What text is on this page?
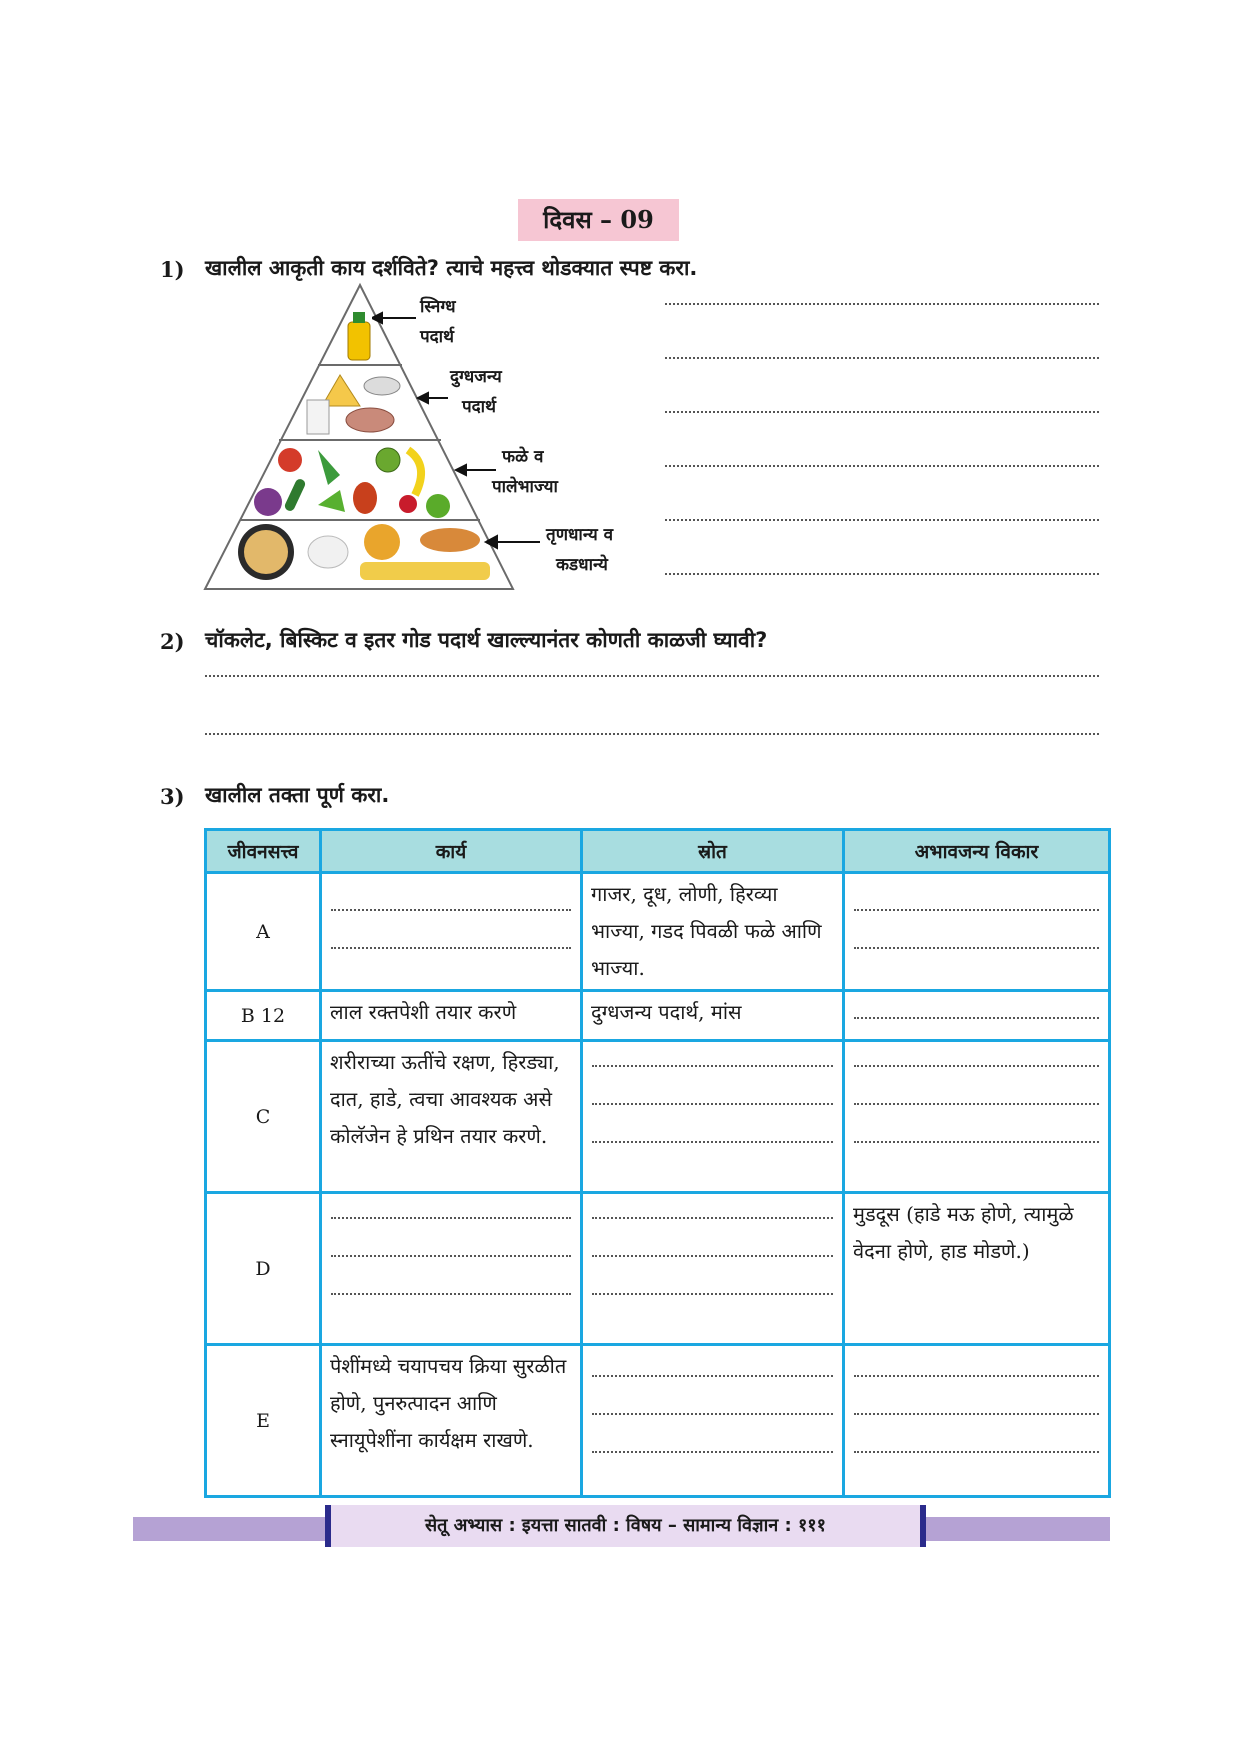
दिवस – 09
1) खालील आकृती काय दर्शविते? त्याचे महत्त्व थोडक्यात स्पष्ट करा.
स्निग्ध
पदार्थ
दुग्धजन्य
पदार्थ
फळे व
पालेभाज्या
तृणधान्य व
कडधान्ये
2) चॉकलेट, बिस्किट व इतर गोड पदार्थ खाल्ल्यानंतर कोणती काळजी घ्यावी?
3) खालील तक्ता पूर्ण करा.
जीवनसत्त्व	कार्य	स्रोत	अभावजन्य विकार
A		गाजर, दूध, लोणी, हिरव्या भाज्या, गडद पिवळी फळे आणि भाज्या.	

B 12	लाल रक्तपेशी तयार करणे	दुग्धजन्य पदार्थ, मांस	

C	शरीराच्या ऊतींचे रक्षण, हिरड्या, दात, हाडे, त्वचा आवश्यक असे कोलॅजेन हे प्रथिन तयार करणे.	

D			मुडदूस (हाडे मऊ होणे, त्यामुळे वेदना होणे, हाड मोडणे.)
E	पेशींमध्ये चयापचय क्रिया सुरळीत होणे, पुनरुत्पादन आणि स्नायूपेशींना कार्यक्षम राखणे.	

सेतू अभ्यास : इयत्ता सातवी : विषय – सामान्य विज्ञान : १११
